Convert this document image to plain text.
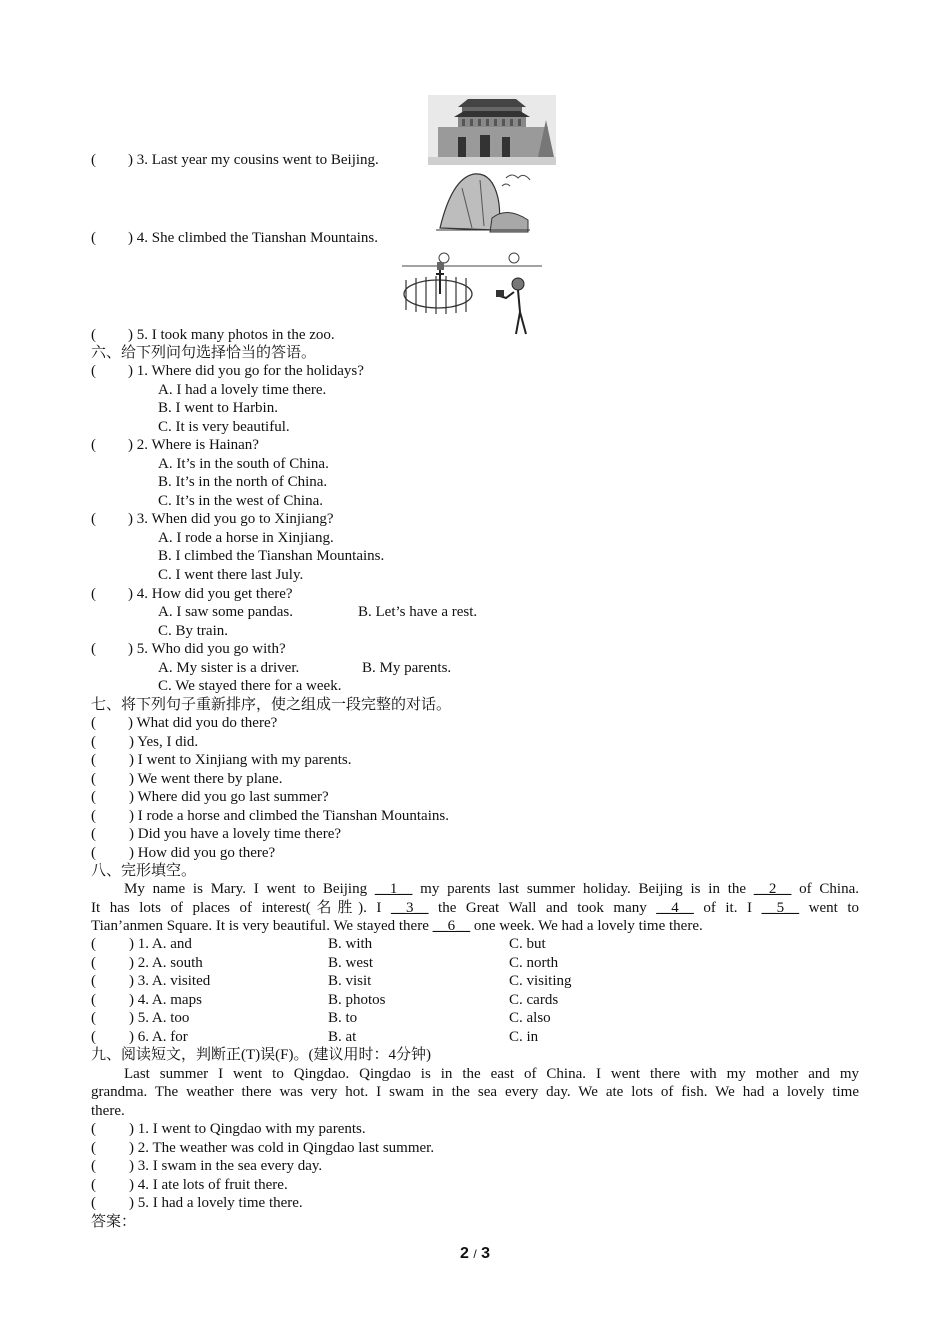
( ) 3. Last year my cousins went to Beijing.
( ) 4. She climbed the Tianshan Mountains.
( ) 5. I took many photos in the zoo.
六、给下列问句选择恰当的答语。
( ) 1. Where did you go for the holidays?
A. I had a lovely time there.
B. I went to Harbin.
C. It is very beautiful.
( ) 2. Where is Hainan?
A. It’s in the south of China.
B. It’s in the north of China.
C. It’s in the west of China.
( ) 3. When did you go to Xinjiang?
A. I rode a horse in Xinjiang.
B. I climbed the Tianshan Mountains.
C. I went there last July.
( ) 4. How did you get there?
A. I saw some pandas.	B. Let’s have a rest.
C. By train.
( ) 5. Who did you go with?
A. My sister is a driver.	B. My parents.
C. We stayed there for a week.
七、将下列句子重新排序，使之组成一段完整的对话。
( ) What did you do there?
( ) Yes, I did.
( ) I went to Xinjiang with my parents.
( ) We went there by plane.
( ) Where did you go last summer?
( ) I rode a horse and climbed the Tianshan Mountains.
( ) Did you have a lovely time there?
( ) How did you go there?
八、完形填空。
My name is Mary. I went to Beijing __1__ my parents last summer holiday. Beijing is in the __2__ of China.
It has lots of places of interest(名胜). I __3__ the Great Wall and took many __4__ of it. I __5__ went to
Tian’anmen Square. It is very beautiful. We stayed there __6__ one week. We had a lovely time there.
( ) 1. A. and	B. with	C. but
( ) 2. A. south	B. west	C. north
( ) 3. A. visited	B. visit	C. visiting
( ) 4. A. maps	B. photos	C. cards
( ) 5. A. too	B. to	C. also
( ) 6. A. for	B. at	C. in
九、阅读短文，判断正(T)误(F)。(建议用时：4分钟)
Last summer I went to Qingdao. Qingdao is in the east of China. I went there with my mother and my
grandma. The weather there was very hot. I swam in the sea every day. We ate lots of fish. We had a lovely time
there.
( ) 1. I went to Qingdao with my parents.
( ) 2. The weather was cold in Qingdao last summer.
( ) 3. I swam in the sea every day.
( ) 4. I ate lots of fruit there.
( ) 5. I had a lovely time there.
答案：
2 / 3
